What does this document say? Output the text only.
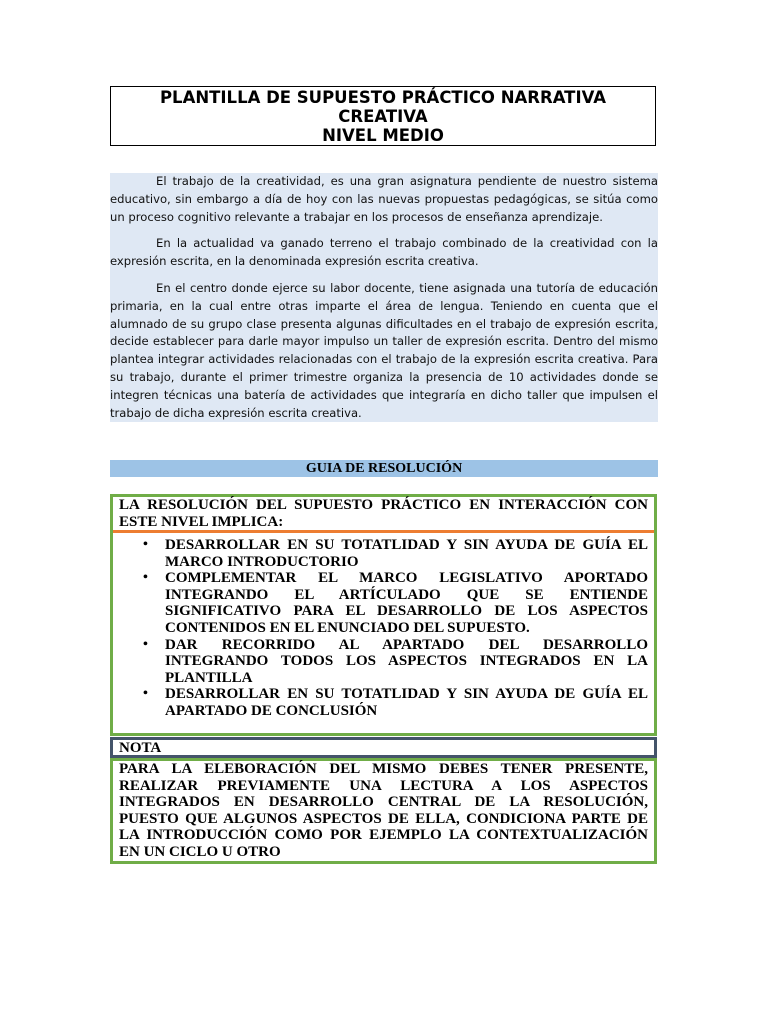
PLANTILLA DE SUPUESTO PRÁCTICO NARRATIVA
CREATIVA
NIVEL MEDIO

El trabajo de la creatividad, es una gran asignatura pendiente de nuestro sistema educativo, sin embargo a día de hoy con las nuevas propuestas pedagógicas, se sitúa como un proceso cognitivo relevante a trabajar en los procesos de enseñanza aprendizaje.

En la actualidad va ganado terreno el trabajo combinado de la creatividad con la expresión escrita, en la denominada expresión escrita creativa.

En el centro donde ejerce su labor docente, tiene asignada una tutoría de educación primaria, en la cual entre otras imparte el área de lengua. Teniendo en cuenta que el alumnado de su grupo clase presenta algunas dificultades en el trabajo de expresión escrita, decide establecer para darle mayor impulso un taller de expresión escrita. Dentro del mismo plantea integrar actividades relacionadas con el trabajo de la expresión escrita creativa. Para su trabajo, durante el primer trimestre organiza la presencia de 10 actividades donde se integren técnicas una batería de actividades que integraría en dicho taller que impulsen el trabajo de dicha expresión escrita creativa.

GUIA DE RESOLUCIÓN
LA RESOLUCIÓN DEL SUPUESTO PRÁCTICO EN INTERACCIÓN CON ESTE NIVEL IMPLICA:
• DESARROLLAR EN SU TOTATLIDAD Y SIN AYUDA DE GUÍA EL MARCO INTRODUCTORIO
• COMPLEMENTAR EL MARCO LEGISLATIVO APORTADO INTEGRANDO EL ARTÍCULADO QUE SE ENTIENDE SIGNIFICATIVO PARA EL DESARROLLO DE LOS ASPECTOS CONTENIDOS EN EL ENUNCIADO DEL SUPUESTO.
• DAR RECORRIDO AL APARTADO DEL DESARROLLO INTEGRANDO TODOS LOS ASPECTOS INTEGRADOS EN LA PLANTILLA
• DESARROLLAR EN SU TOTATLIDAD Y SIN AYUDA DE GUÍA EL APARTADO DE CONCLUSIÓN
NOTA
PARA LA ELEBORACIÓN DEL MISMO DEBES TENER PRESENTE, REALIZAR PREVIAMENTE UNA LECTURA A LOS ASPECTOS INTEGRADOS EN DESARROLLO CENTRAL DE LA RESOLUCIÓN, PUESTO QUE ALGUNOS ASPECTOS DE ELLA, CONDICIONA PARTE DE LA INTRODUCCIÓN COMO POR EJEMPLO LA CONTEXTUALIZACIÓN EN UN CICLO U OTRO
